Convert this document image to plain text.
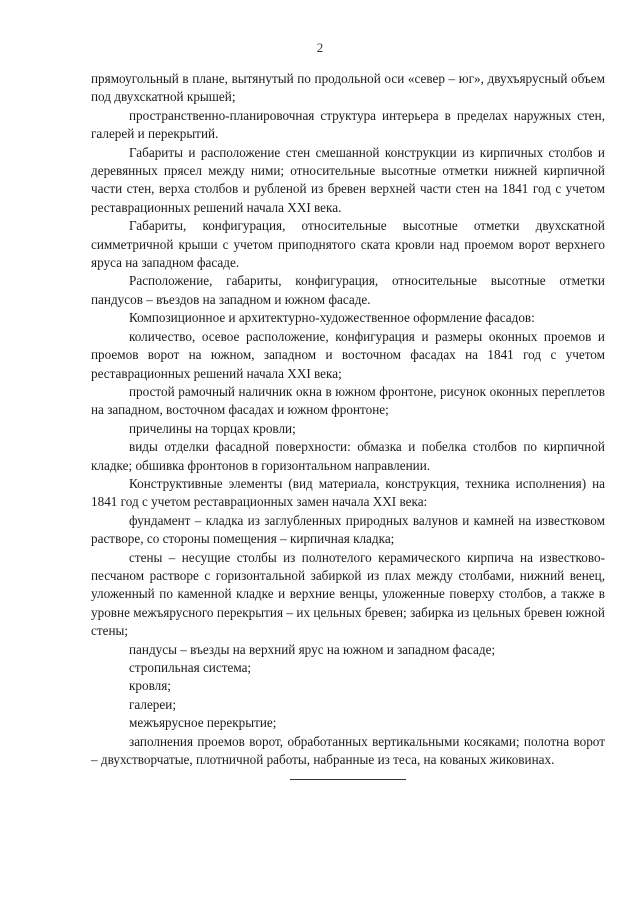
2

прямоугольный в плане, вытянутый по продольной оси «север – юг», двухъярусный объем под двухскатной крышей;

пространственно-планировочная структура интерьера в пределах наружных стен, галерей и перекрытий.

Габариты и расположение стен смешанной конструкции из кирпичных столбов и деревянных прясел между ними; относительные высотные отметки нижней кирпичной части стен, верха столбов и рубленой из бревен верхней части стен на 1841 год с учетом реставрационных решений начала XXI века.

Габариты, конфигурация, относительные высотные отметки двухскатной симметричной крыши с учетом приподнятого ската кровли над проемом ворот верхнего яруса на западном фасаде.

Расположение, габариты, конфигурация, относительные высотные отметки пандусов – въездов на западном и южном фасаде.

Композиционное и архитектурно-художественное оформление фасадов:

количество, осевое расположение, конфигурация и размеры оконных проемов и проемов ворот на южном, западном и восточном фасадах на 1841 год с учетом реставрационных решений начала XXI века;

простой рамочный наличник окна в южном фронтоне, рисунок оконных переплетов на западном, восточном фасадах и южном фронтоне;

причелины на торцах кровли;

виды отделки фасадной поверхности: обмазка и побелка столбов по кирпичной кладке; обшивка фронтонов в горизонтальном направлении.

Конструктивные элементы (вид материала, конструкция, техника исполнения) на 1841 год с учетом реставрационных замен начала XXI века:

фундамент – кладка из заглубленных природных валунов и камней на известковом растворе, со стороны помещения – кирпичная кладка;

стены – несущие столбы из полнотелого керамического кирпича на известково-песчаном растворе с горизонтальной забиркой из плах между столбами, нижний венец, уложенный по каменной кладке и верхние венцы, уложенные поверху столбов, а также в уровне межъярусного перекрытия – их цельных бревен; забирка из цельных бревен южной стены;

пандусы – въезды на верхний ярус на южном и западном фасаде;

стропильная система;

кровля;

галереи;

межъярусное перекрытие;

заполнения проемов ворот, обработанных вертикальными косяками; полотна ворот – двухстворчатые, плотничной работы, набранные из теса, на кованых жиковинах.
